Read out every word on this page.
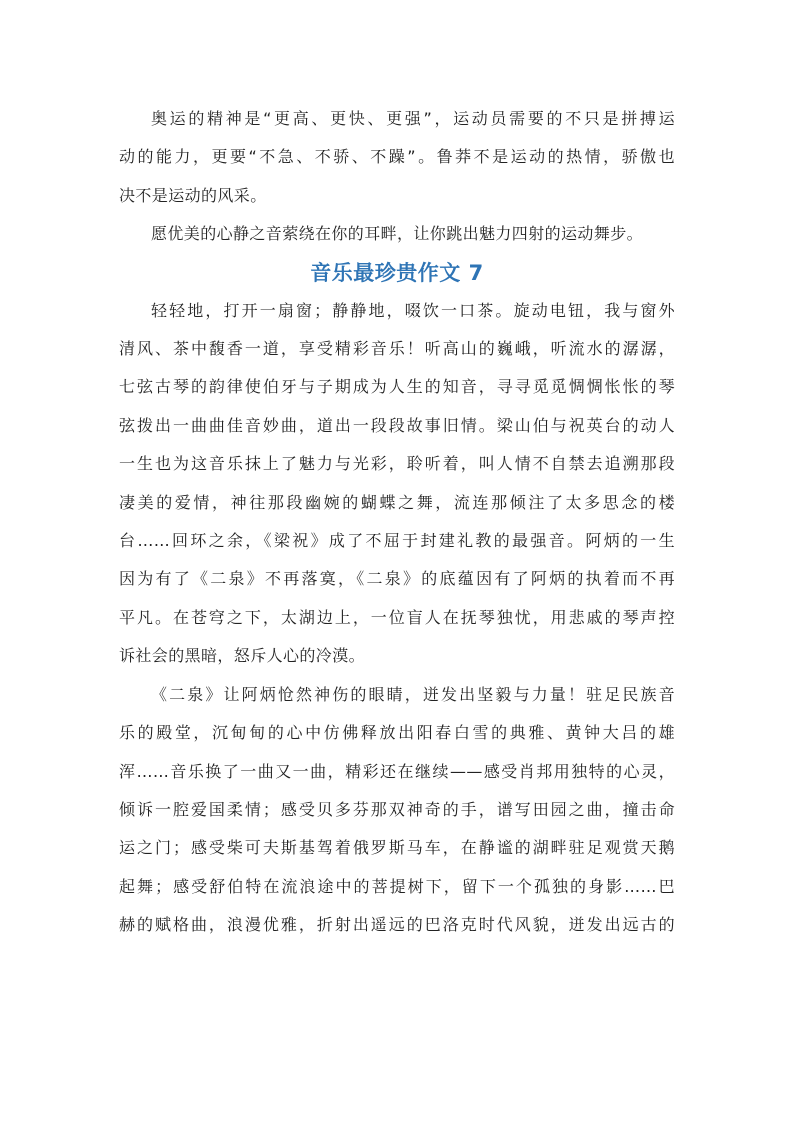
奥运的精神是“更高、更快、更强”，运动员需要的不只是拼搏运
动的能力，更要“不急、不骄、不躁”。鲁莽不是运动的热情，骄傲也
决不是运动的风采。

愿优美的心静之音萦绕在你的耳畔，让你跳出魅力四射的运动舞步。

音乐最珍贵作文 7

轻轻地，打开一扇窗；静静地，啜饮一口茶。旋动电钮，我与窗外
清风、茶中馥香一道，享受精彩音乐！听高山的巍峨，听流水的潺潺，
七弦古琴的韵律使伯牙与子期成为人生的知音，寻寻觅觅惆惆怅怅的琴
弦拨出一曲曲佳音妙曲，道出一段段故事旧情。梁山伯与祝英台的动人
一生也为这音乐抹上了魅力与光彩，聆听着，叫人情不自禁去追溯那段
凄美的爱情，神往那段幽婉的蝴蝶之舞，流连那倾注了太多思念的楼
台……回环之余，《梁祝》成了不屈于封建礼教的最强音。阿炳的一生
因为有了《二泉》不再落寞，《二泉》的底蕴因有了阿炳的执着而不再
平凡。在苍穹之下，太湖边上，一位盲人在抚琴独忧，用悲戚的琴声控
诉社会的黑暗，怒斥人心的冷漠。

《二泉》让阿炳怆然神伤的眼睛，迸发出坚毅与力量！驻足民族音
乐的殿堂，沉甸甸的心中仿佛释放出阳春白雪的典雅、黄钟大吕的雄
浑……音乐换了一曲又一曲，精彩还在继续——感受肖邦用独特的心灵，
倾诉一腔爱国柔情；感受贝多芬那双神奇的手，谱写田园之曲，撞击命
运之门；感受柴可夫斯基驾着俄罗斯马车，在静谧的湖畔驻足观赏天鹅
起舞；感受舒伯特在流浪途中的菩提树下，留下一个孤独的身影……巴
赫的赋格曲，浪漫优雅，折射出遥远的巴洛克时代风貌，迸发出远古的
